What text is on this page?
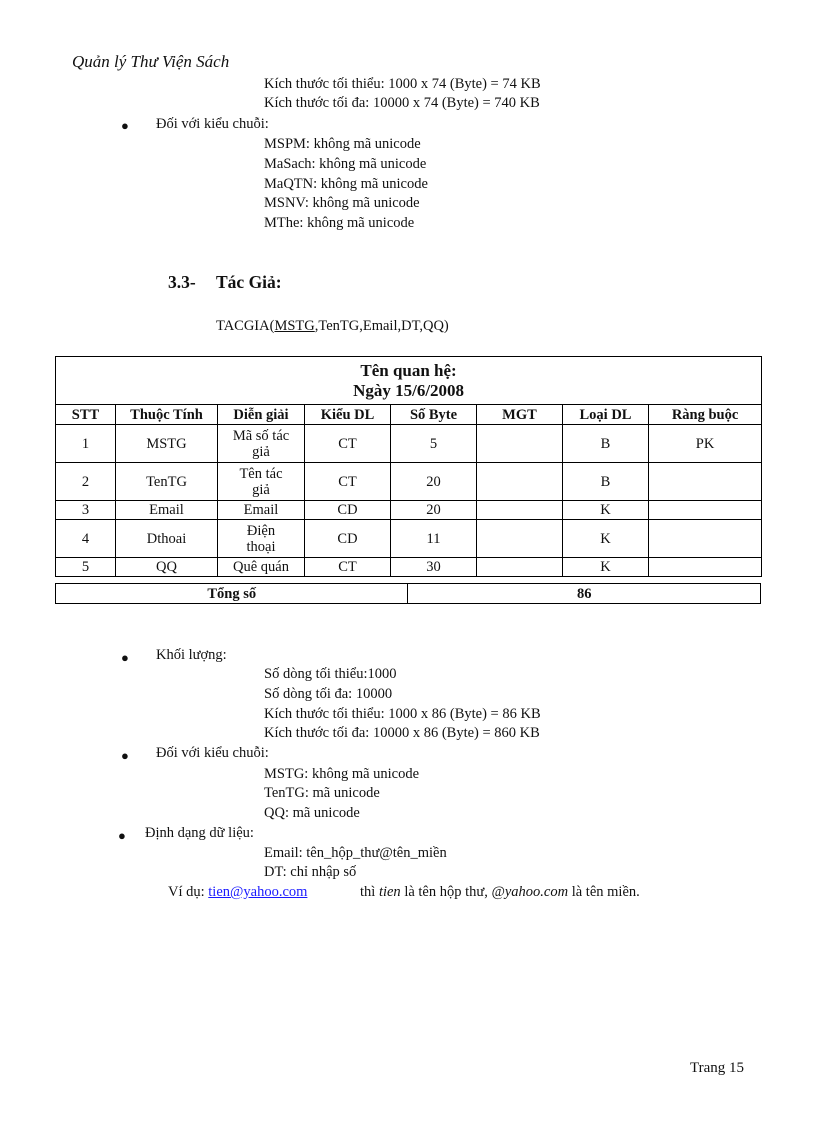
Quản lý Thư Viện Sách
Kích thước tối thiểu: 1000 x 74 (Byte) = 74 KB
Kích thước tối đa: 10000 x 74 (Byte) = 740 KB
● Đối với kiểu chuỗi:
MSPM: không mã unicode
MaSach: không mã unicode
MaQTN: không mã unicode
MSNV: không mã unicode
MThe: không mã unicode
3.3- Tác Giả:
TACGIA(MSTG,TenTG,Email,DT,QQ)
Tên quan hệ:
Ngày 15/6/2008							

STT	Thuộc Tính	Diễn giải	Kiểu DL	Số Byte	MGT	Loại DL	Ràng buộc
1	MSTG	Mã số tác
giả	CT	5		B	PK
2	TenTG	Tên tác
giả	CT	20		B	
3	Email	Email	CD	20		K	
4	Dthoai	Điện
thoại	CD	11		K	
5	QQ	Quê quán	CT	30		K	
Tổng số	86
● Khối lượng:
Số dòng tối thiểu:1000
Số dòng tối đa: 10000
Kích thước tối thiểu: 1000 x 86 (Byte) = 86 KB
Kích thước tối đa: 10000 x 86 (Byte) = 860 KB
● Đối với kiểu chuỗi:
MSTG: không mã unicode
TenTG: mã unicode
QQ: mã unicode
● Định dạng dữ liệu:
Email: tên_hộp_thư@tên_miền
DT: chỉ nhập số
Ví dụ: tien@yahoo.com	thì tien là tên hộp thư, @yahoo.com là tên miền.
Trang 15
